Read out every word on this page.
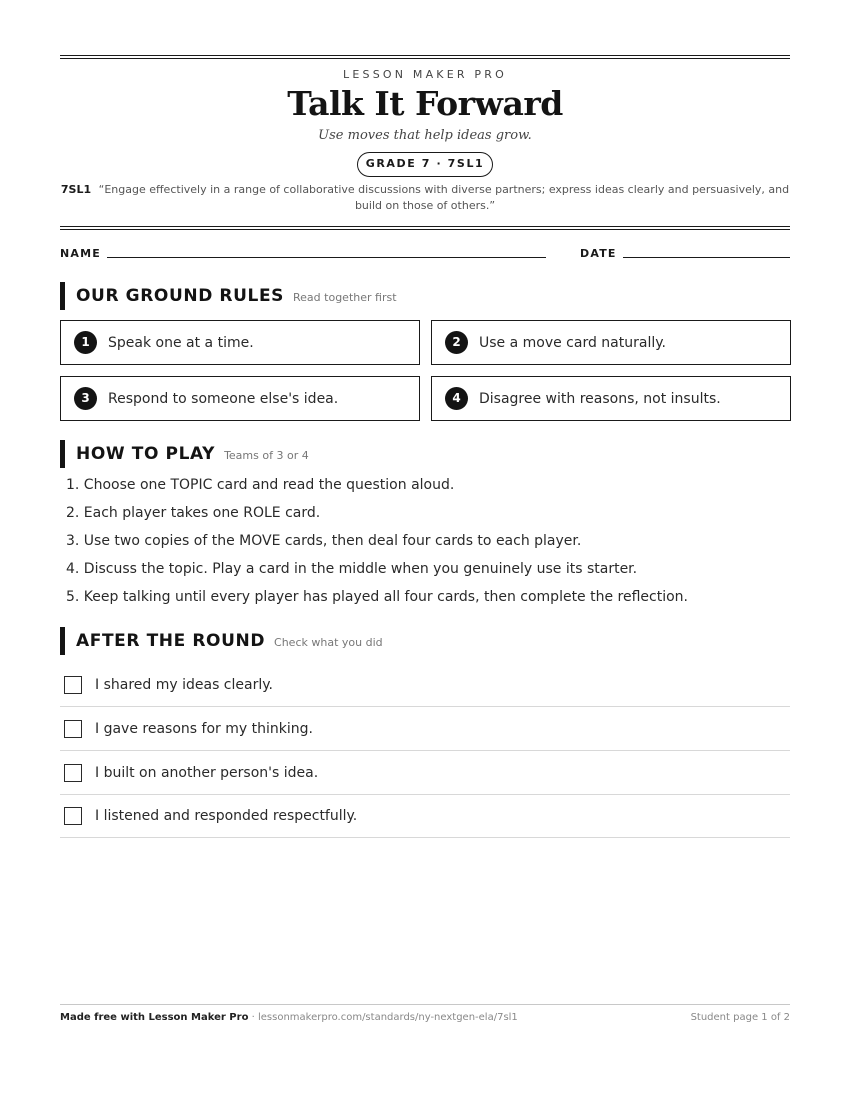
LESSON MAKER PRO
Talk It Forward
Use moves that help ideas grow.
GRADE 7 · 7SL1
7SL1 “Engage effectively in a range of collaborative discussions with diverse partners; express ideas clearly and persuasively, and build on those of others.”
NAME	DATE
OUR GROUND RULES Read together first
1	Speak one at a time.	2	Use a move card naturally.
3	Respond to someone else's idea.	4	Disagree with reasons, not insults.
HOW TO PLAY Teams of 3 or 4
1. Choose one TOPIC card and read the question aloud.
2. Each player takes one ROLE card.
3. Use two copies of the MOVE cards, then deal four cards to each player.
4. Discuss the topic. Play a card in the middle when you genuinely use its starter.
5. Keep talking until every player has played all four cards, then complete the reflection.
AFTER THE ROUND Check what you did
I shared my ideas clearly.
I gave reasons for my thinking.
I built on another person's idea.
I listened and responded respectfully.
Made free with Lesson Maker Pro · lessonmakerpro.com/standards/ny-nextgen-ela/7sl1	Student page 1 of 2
